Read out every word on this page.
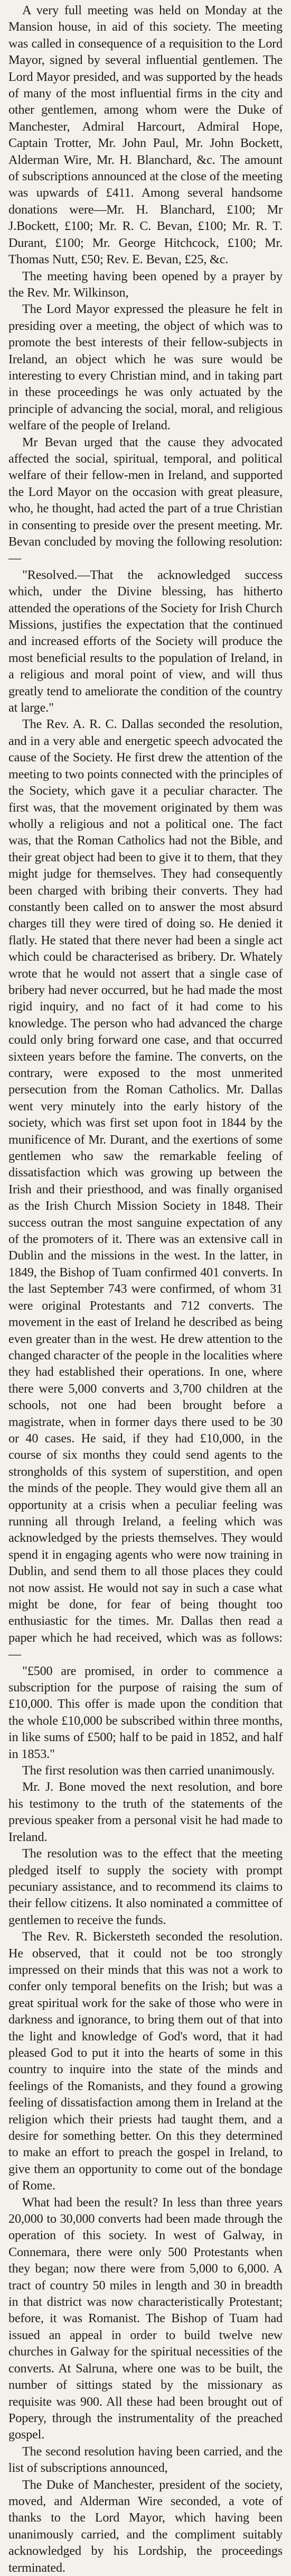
A very full meeting was held on Monday at the Mansion house, in aid of this society. The meeting was called in consequence of a requisition to the Lord Mayor, signed by several influential gentlemen. The Lord Mayor presided, and was supported by the heads of many of the most influential firms in the city and other gentlemen, among whom were the Duke of Manchester, Admiral Harcourt, Admiral Hope, Captain Trotter, Mr. John Paul, Mr. John Bockett, Alderman Wire, Mr. H. Blanchard, &c. The amount of subscriptions announced at the close of the meeting was upwards of £411. Among several handsome donations were—Mr. H. Blanchard, £100; Mr J.Bockett, £100; Mr. R. C. Bevan, £100; Mr. R. T. Durant, £100; Mr. George Hitchcock, £100; Mr. Thomas Nutt, £50; Rev. E. Bevan, £25, &c.

The meeting having been opened by a prayer by the Rev. Mr. Wilkinson,

The Lord Mayor expressed the pleasure he felt in presiding over a meeting, the object of which was to promote the best interests of their fellow-subjects in Ireland, an object which he was sure would be interesting to every Christian mind, and in taking part in these proceedings he was only actuated by the principle of advancing the social, moral, and religious welfare of the people of Ireland.

Mr Bevan urged that the cause they advocated affected the social, spiritual, temporal, and political welfare of their fellow-men in Ireland, and supported the Lord Mayor on the occasion with great pleasure, who, he thought, had acted the part of a true Christian in consenting to preside over the present meeting. Mr. Bevan concluded by moving the following resolution:—

"Resolved.—That the acknowledged success which, under the Divine blessing, has hitherto attended the operations of the Society for Irish Church Missions, justifies the expectation that the continued and increased efforts of the Society will produce the most beneficial results to the population of Ireland, in a religious and moral point of view, and will thus greatly tend to ameliorate the condition of the country at large."

The Rev. A. R. C. Dallas seconded the resolution, and in a very able and energetic speech advocated the cause of the Society. He first drew the attention of the meeting to two points connected with the principles of the Society, which gave it a peculiar character. The first was, that the movement originated by them was wholly a religious and not a political one. The fact was, that the Roman Catholics had not the Bible, and their great object had been to give it to them, that they might judge for themselves. They had consequently been charged with bribing their converts. They had constantly been called on to answer the most absurd charges till they were tired of doing so. He denied it flatly. He stated that there never had been a single act which could be characterised as bribery. Dr. Whately wrote that he would not assert that a single case of bribery had never occurred, but he had made the most rigid inquiry, and no fact of it had come to his knowledge. The person who had advanced the charge could only bring forward one case, and that occurred sixteen years before the famine. The converts, on the contrary, were exposed to the most unmerited persecution from the Roman Catholics. Mr. Dallas went very minutely into the early history of the society, which was first set upon foot in 1844 by the munificence of Mr. Durant, and the exertions of some gentlemen who saw the remarkable feeling of dissatisfaction which was growing up between the Irish and their priesthood, and was finally organised as the Irish Church Mission Society in 1848. Their success outran the most sanguine expectation of any of the promoters of it. There was an extensive call in Dublin and the missions in the west. In the latter, in 1849, the Bishop of Tuam confirmed 401 converts. In the last September 743 were confirmed, of whom 31 were original Protestants and 712 converts. The movement in the east of Ireland he described as being even greater than in the west. He drew attention to the changed character of the people in the localities where they had established their operations. In one, where there were 5,000 converts and 3,700 children at the schools, not one had been brought before a magistrate, when in former days there used to be 30 or 40 cases. He said, if they had £10,000, in the course of six months they could send agents to the strongholds of this system of superstition, and open the minds of the people. They would give them all an opportunity at a crisis when a peculiar feeling was running all through Ireland, a feeling which was acknowledged by the priests themselves. They would spend it in engaging agents who were now training in Dublin, and send them to all those places they could not now assist. He would not say in such a case what might be done, for fear of being thought too enthusiastic for the times. Mr. Dallas then read a paper which he had received, which was as follows:—

"£500 are promised, in order to commence a subscription for the purpose of raising the sum of £10,000. This offer is made upon the condition that the whole £10,000 be subscribed within three months, in like sums of £500; half to be paid in 1852, and half in 1853."

The first resolution was then carried unanimously.

Mr. J. Bone moved the next resolution, and bore his testimony to the truth of the statements of the previous speaker from a personal visit he had made to Ireland.

The resolution was to the effect that the meeting pledged itself to supply the society with prompt pecuniary assistance, and to recommend its claims to their fellow citizens. It also nominated a committee of gentlemen to receive the funds.

The Rev. R. Bickersteth seconded the resolution. He observed, that it could not be too strongly impressed on their minds that this was not a work to confer only temporal benefits on the Irish; but was a great spiritual work for the sake of those who were in darkness and ignorance, to bring them out of that into the light and knowledge of God's word, that it had pleased God to put it into the hearts of some in this country to inquire into the state of the minds and feelings of the Romanists, and they found a growing feeling of dissatisfaction among them in Ireland at the religion which their priests had taught them, and a desire for something better. On this they determined to make an effort to preach the gospel in Ireland, to give them an opportunity to come out of the bondage of Rome.

What had been the result? In less than three years 20,000 to 30,000 converts had been made through the operation of this society. In west of Galway, in Connemara, there were only 500 Protestants when they began; now there were from 5,000 to 6,000. A tract of country 50 miles in length and 30 in breadth in that district was now characteristically Protestant; before, it was Romanist. The Bishop of Tuam had issued an appeal in order to build twelve new churches in Galway for the spiritual necessities of the converts. At Salruna, where one was to be built, the number of sittings stated by the missionary as requisite was 900. All these had been brought out of Popery, through the instrumentality of the preached gospel.

The second resolution having been carried, and the list of subscriptions announced,

The Duke of Manchester, president of the society, moved, and Alderman Wire seconded, a vote of thanks to the Lord Mayor, which having been unanimously carried, and the compliment suitably acknowledged by his Lordship, the proceedings terminated.
